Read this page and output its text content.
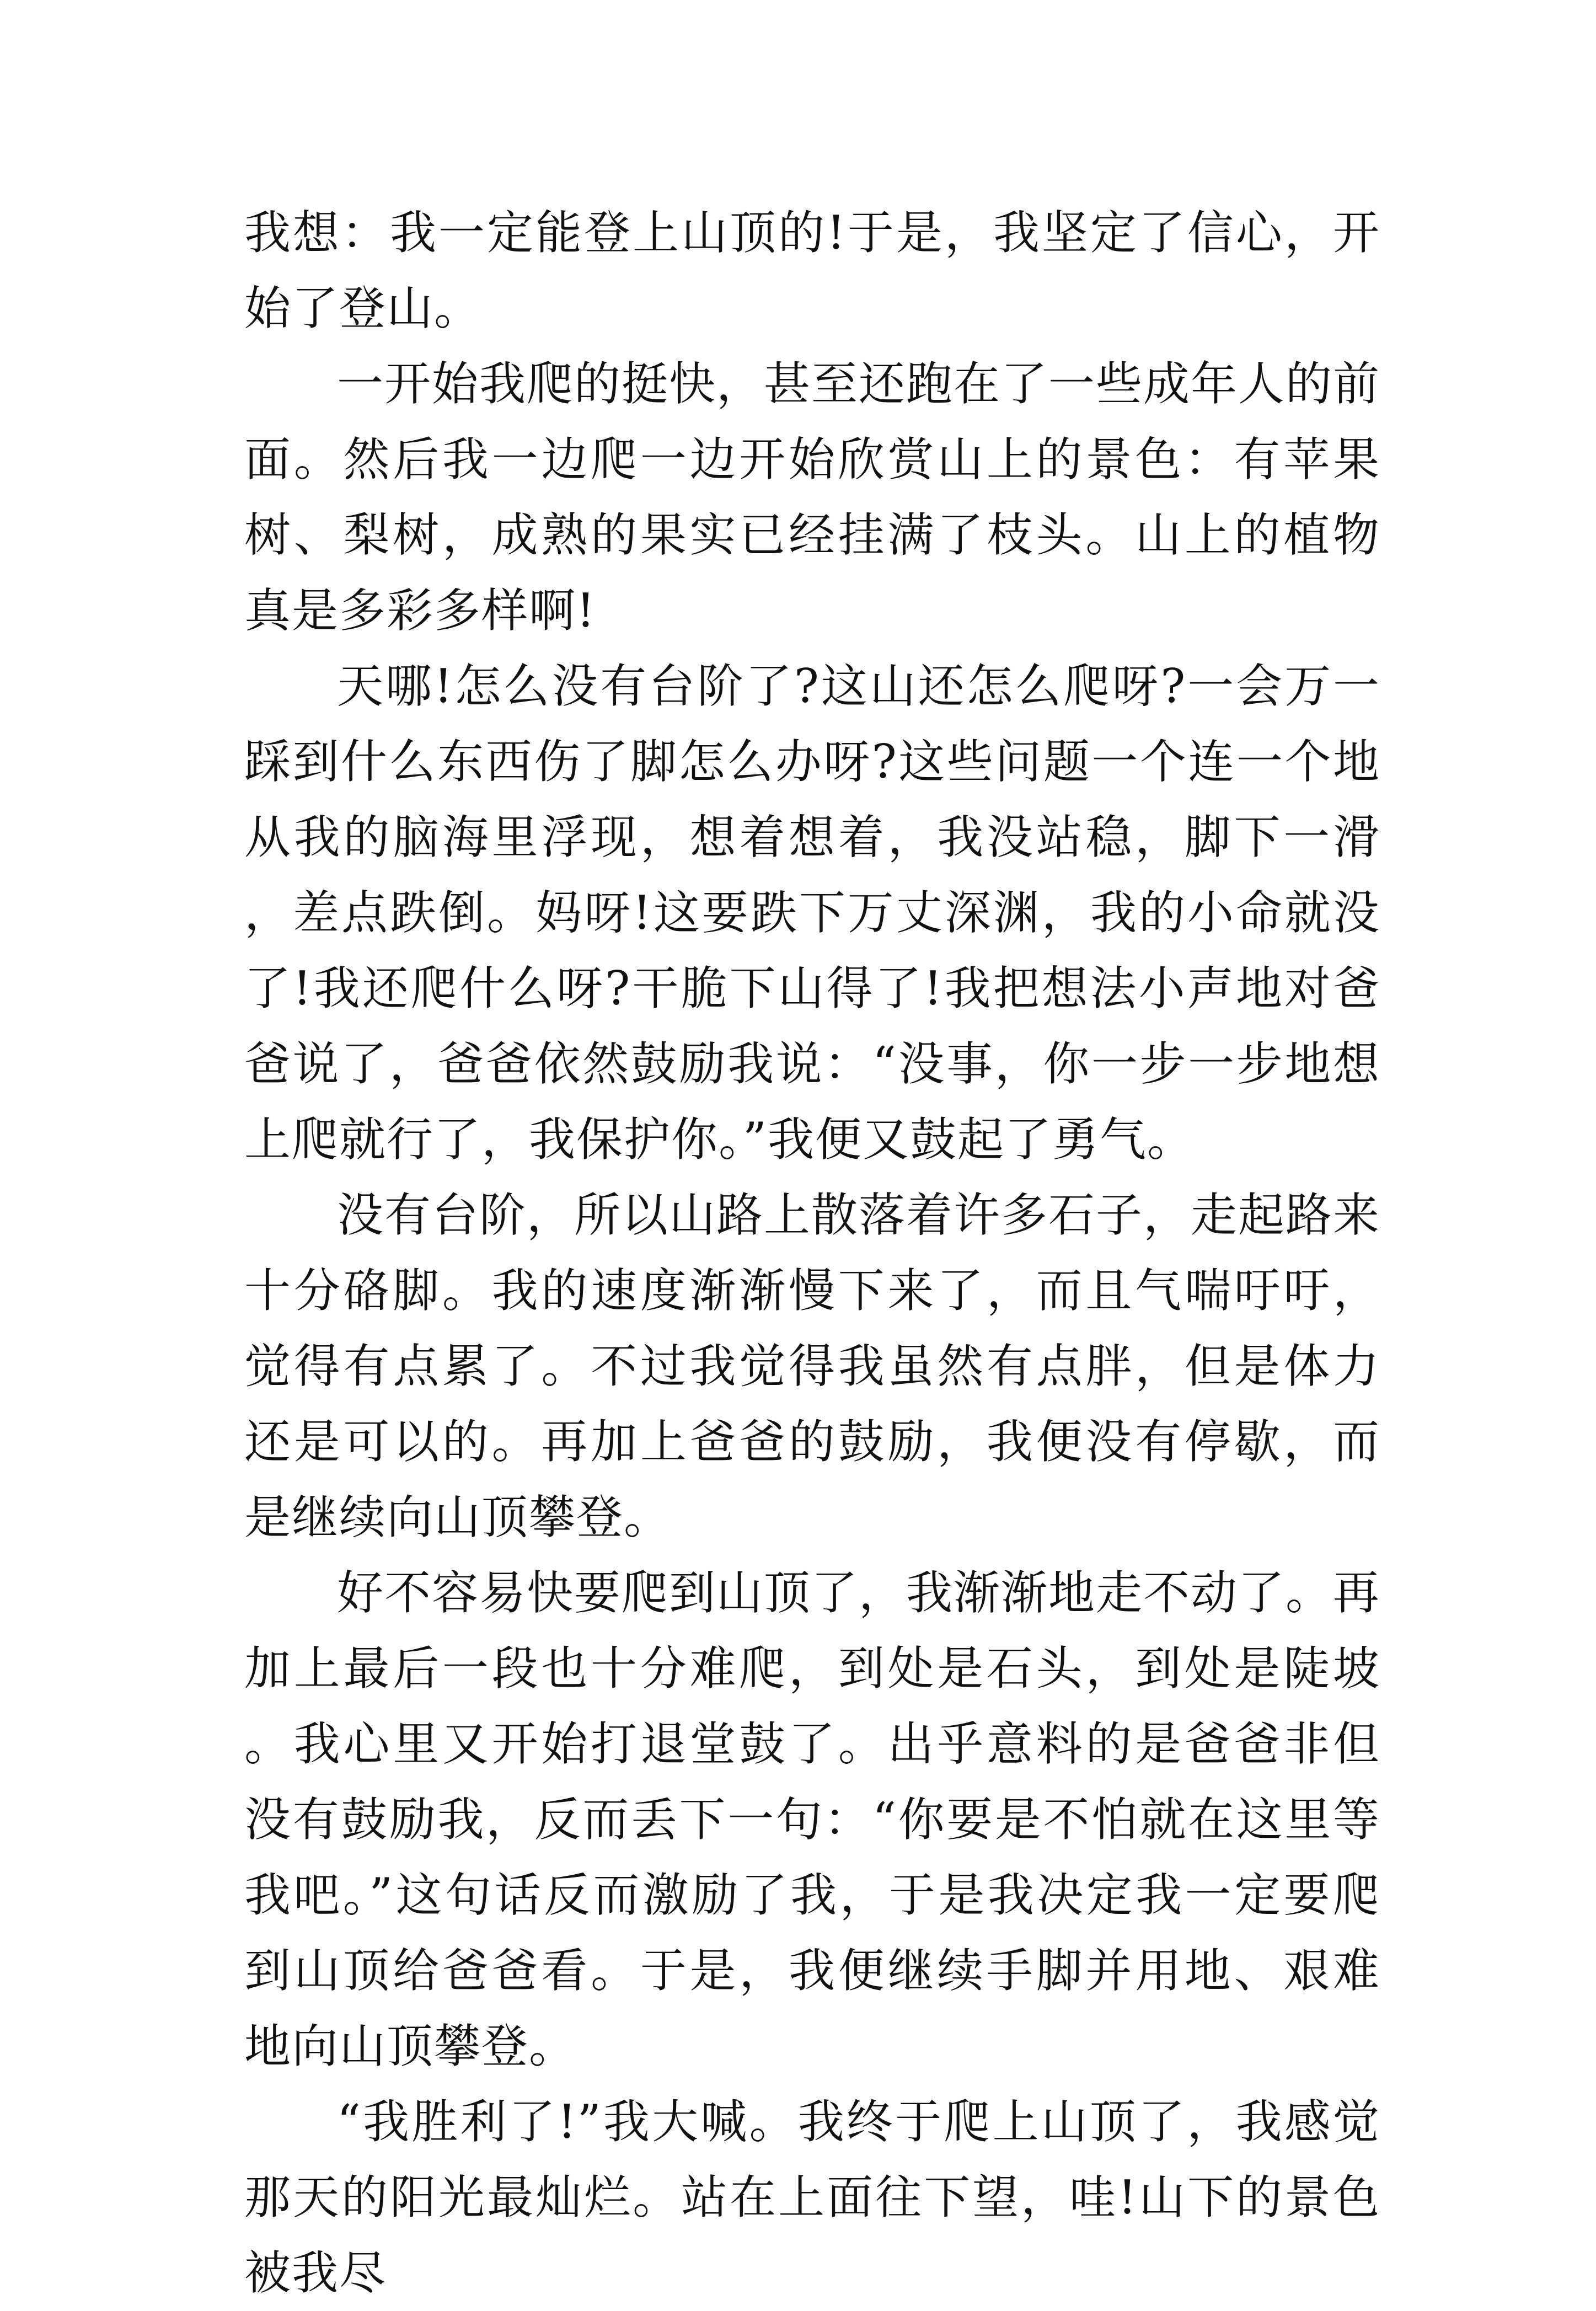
我想：我一定能登上山顶的!于是，我坚定了信心，开始了登山。

一开始我爬的挺快，甚至还跑在了一些成年人的前面。然后我一边爬一边开始欣赏山上的景色：有苹果树、梨树，成熟的果实已经挂满了枝头。山上的植物真是多彩多样啊!

天哪!怎么没有台阶了?这山还怎么爬呀?一会万一踩到什么东西伤了脚怎么办呀?这些问题一个连一个地从我的脑海里浮现，想着想着，我没站稳，脚下一滑，差点跌倒。妈呀!这要跌下万丈深渊，我的小命就没了!我还爬什么呀?干脆下山得了!我把想法小声地对爸爸说了，爸爸依然鼓励我说：“没事，你一步一步地想上爬就行了，我保护你。”我便又鼓起了勇气。

没有台阶，所以山路上散落着许多石子，走起路来十分硌脚。我的速度渐渐慢下来了，而且气喘吁吁，觉得有点累了。不过我觉得我虽然有点胖，但是体力还是可以的。再加上爸爸的鼓励，我便没有停歇，而是继续向山顶攀登。

好不容易快要爬到山顶了，我渐渐地走不动了。再加上最后一段也十分难爬，到处是石头，到处是陡坡。我心里又开始打退堂鼓了。出乎意料的是爸爸非但没有鼓励我，反而丢下一句：“你要是不怕就在这里等我吧。”这句话反而激励了我，于是我决定我一定要爬到山顶给爸爸看。于是，我便继续手脚并用地、艰难地向山顶攀登。

“我胜利了!”我大喊。我终于爬上山顶了，我感觉那天的阳光最灿烂。站在上面往下望，哇!山下的景色被我尽
